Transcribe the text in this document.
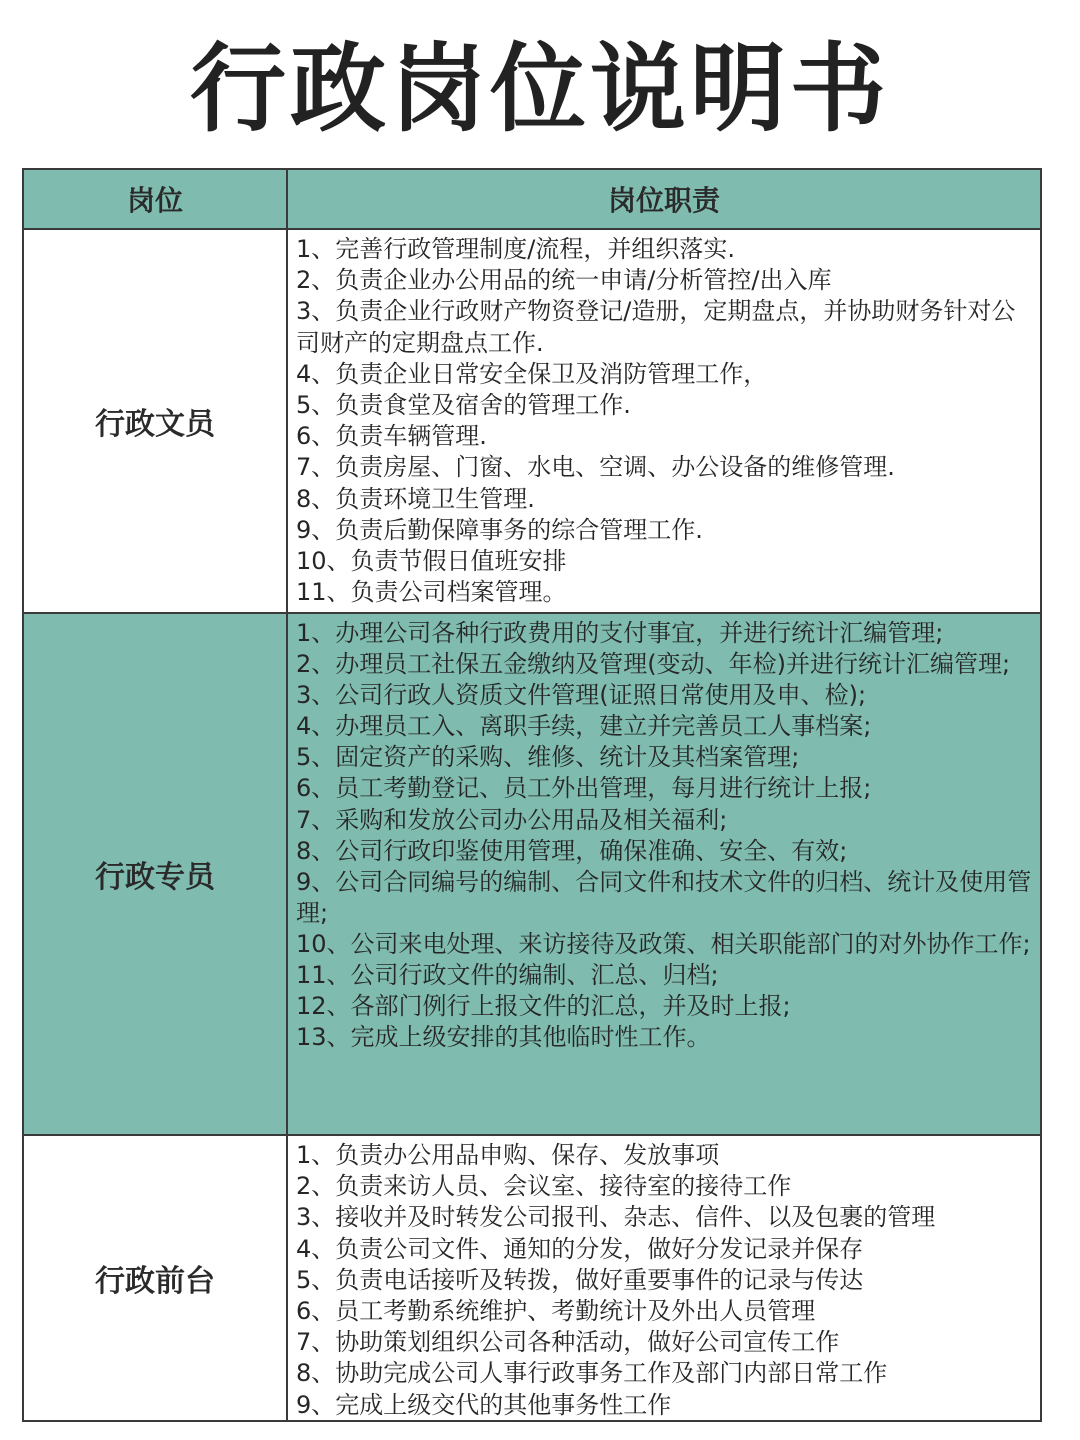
行政岗位说明书
岗位	岗位职责
行政文员
1、完善行政管理制度/流程，并组织落实.
2、负责企业办公用品的统一申请/分析管控/出入库
3、负责企业行政财产物资登记/造册，定期盘点，并协助财务针对公司财产的定期盘点工作.
4、负责企业日常安全保卫及消防管理工作，
5、负责食堂及宿舍的管理工作.
6、负责车辆管理.
7、负责房屋、门窗、水电、空调、办公设备的维修管理.
8、负责环境卫生管理.
9、负责后勤保障事务的综合管理工作.
10、负责节假日值班安排
11、负责公司档案管理。
行政专员
1、办理公司各种行政费用的支付事宜，并进行统计汇编管理;
2、办理员工社保五金缴纳及管理(变动、年检)并进行统计汇编管理;
3、公司行政人资质文件管理(证照日常使用及申、检);
4、办理员工入、离职手续，建立并完善员工人事档案;
5、固定资产的采购、维修、统计及其档案管理;
6、员工考勤登记、员工外出管理，每月进行统计上报;
7、采购和发放公司办公用品及相关福利;
8、公司行政印鉴使用管理，确保准确、安全、有效;
9、公司合同编号的编制、合同文件和技术文件的归档、统计及使用管理;
10、公司来电处理、来访接待及政策、相关职能部门的对外协作工作;
11、公司行政文件的编制、汇总、归档;
12、各部门例行上报文件的汇总，并及时上报;
13、完成上级安排的其他临时性工作。
行政前台
1、负责办公用品申购、保存、发放事项
2、负责来访人员、会议室、接待室的接待工作
3、接收并及时转发公司报刊、杂志、信件、以及包裹的管理
4、负责公司文件、通知的分发，做好分发记录并保存
5、负责电话接听及转拨，做好重要事件的记录与传达
6、员工考勤系统维护、考勤统计及外出人员管理
7、协助策划组织公司各种活动，做好公司宣传工作
8、协助完成公司人事行政事务工作及部门内部日常工作
9、完成上级交代的其他事务性工作
